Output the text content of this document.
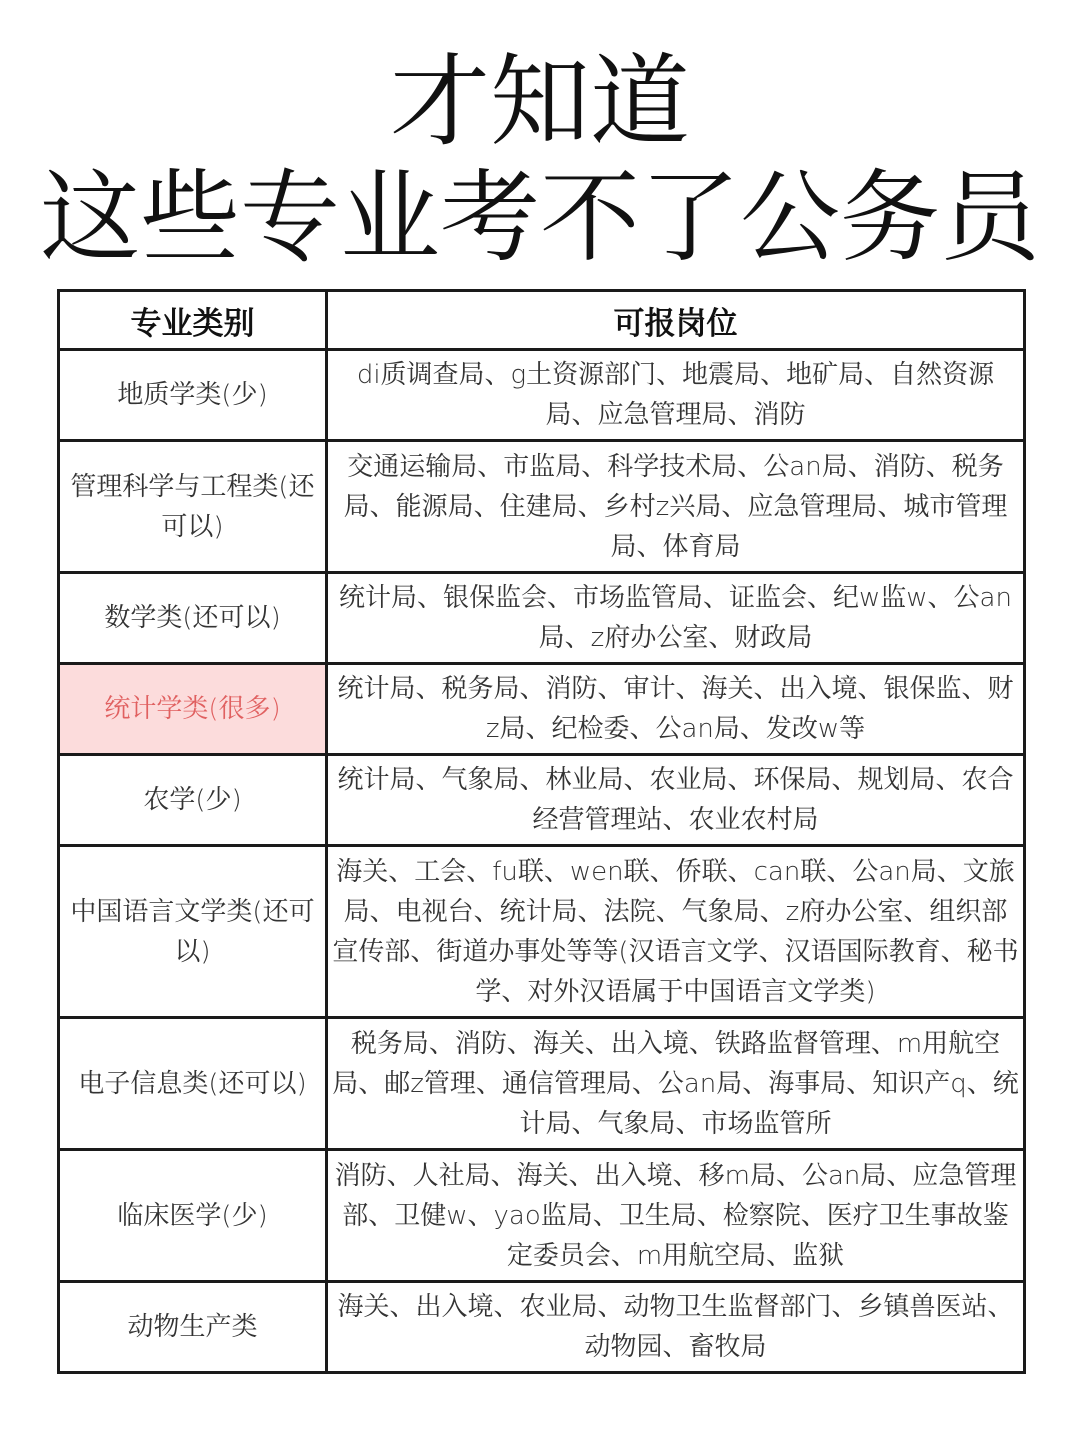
才知道
这些专业考不了公务员
专业类别	可报岗位
地质学类(少)	di质调查局、g土资源部门、地震局、地矿局、自然资源局、应急管理局、消防
管理科学与工程类(还可以)	交通运输局、市监局、科学技术局、公an局、消防、税务局、能源局、住建局、乡村z兴局、应急管理局、城市管理局、体育局
数学类(还可以)	统计局、银保监会、市场监管局、证监会、纪w监w、公an局、z府办公室、财政局
统计学类(很多)	统计局、税务局、消防、审计、海关、出入境、银保监、财z局、纪检委、公an局、发改w等
农学(少)	统计局、气象局、林业局、农业局、环保局、规划局、农合经营管理站、农业农村局
中国语言文学类(还可以)	海关、工会、fu联、wen联、侨联、can联、公an局、文旅局、电视台、统计局、法院、气象局、z府办公室、组织部宣传部、街道办事处等等(汉语言文学、汉语国际教育、秘书学、对外汉语属于中国语言文学类)
电子信息类(还可以)	税务局、消防、海关、出入境、铁路监督管理、m用航空局、邮z管理、通信管理局、公an局、海事局、知识产q、统计局、气象局、市场监管所
临床医学(少)	消防、人社局、海关、出入境、移m局、公an局、应急管理部、卫健w、yao监局、卫生局、检察院、医疗卫生事故鉴定委员会、m用航空局、监狱
动物生产类	海关、出入境、农业局、动物卫生监督部门、乡镇兽医站、动物园、畜牧局
